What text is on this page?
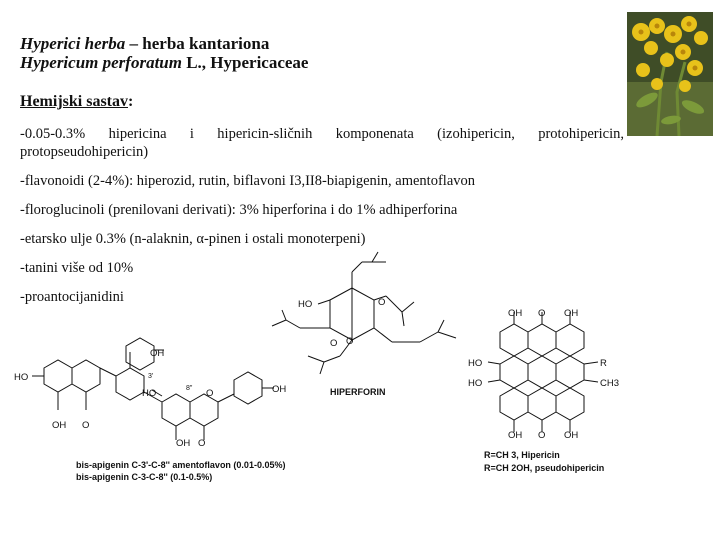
Hyperici herba – herba kantariona
Hypericum perforatum L., Hypericaceae
Hemijski sastav:
-0.05-0.3% hipericina i hipericin-sličnih komponenata (izohipericin, protohipericin,
protopseudohipericin)
-flavonoidi (2-4%): hiperozid, rutin, biflavoni I3,II8-biapigenin, amentoflavon
-floroglucinoli (prenilovani derivati): 3% hiperforina i do 1% adhiperforina
-etarsko ulje 0.3% (n-alaknin, α-pinen i ostali monoterpeni)
-tanini više od 10%
-proantocijanidini
HO
OH O
OH
3'
8"
HO	O	OH
OH O
HO	O
O
O
HIPERFORIN
OH O OH
HO
HO
R
CH3
OH O OH
bis-apigenin C-3'-C-8'' amentoflavon (0.01-0.05%)
bis-apigenin C-3-C-8'' (0.1-0.5%)
R=CH 3, Hipericin
R=CH 2OH, pseudohipericin
